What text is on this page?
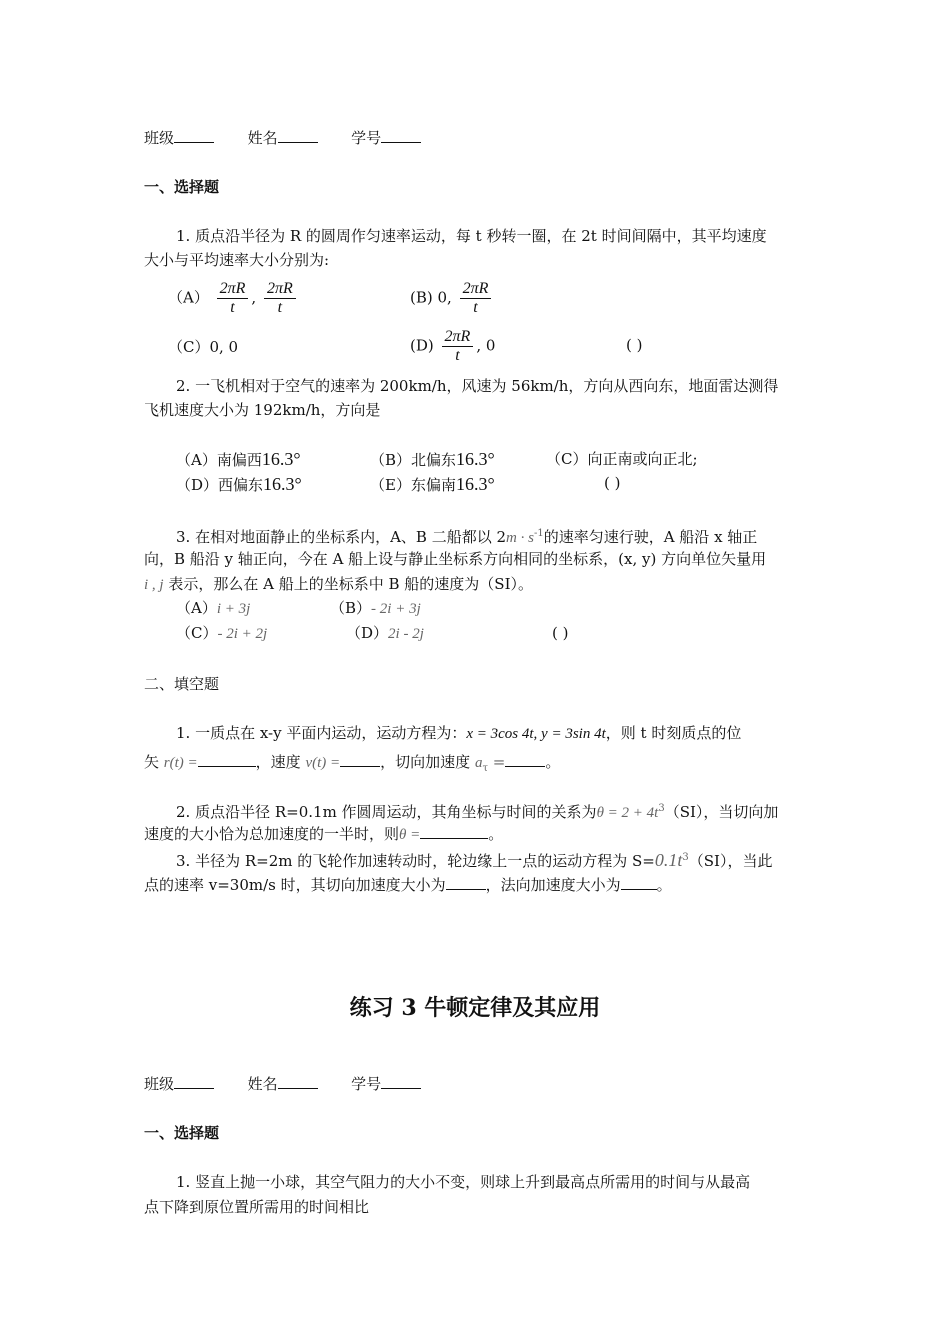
班级	姓名	学号
一、选择题
1. 质点沿半径为 R 的圆周作匀速率运动，每 t 秒转一圈，在 2t 时间间隔中，其平均速度
大小与平均速率大小分别为:
$(A) \frac{2\pi R}{t}$ , $\frac{2\pi R}{t}$	(B) 0, $\frac{2\pi R}{t}$
（C）0, 0	$(D) \frac{2\pi R}{t}$ , 0	( )
2. 一飞机相对于空气的速率为 200km/h，风速为 56km/h，方向从西向东，地面雷达测得
飞机速度大小为 192km/h，方向是
（A）南偏西16.3°	（B）北偏东16.3°	（C）向正南或向正北;
（D）西偏东16.3°	（E）东偏南16.3°	( )
3. 在相对地面静止的坐标系内，A、B 二船都以 $2m \cdot s^{-1}$的速率匀速行驶，A 船沿 x 轴正
向，B 船沿 y 轴正向，今在 A 船上设与静止坐标系方向相同的坐标系，(x, y) 方向单位矢量用
i , j 表示，那么在 A 船上的坐标系中 B 船的速度为（SI）。
（A）i + 3j	（B）- 2i + 3j
（C）- 2i + 2j	（D）2i - 2j	( )
二、填空题
1. 一质点在 x-y 平面内运动，运动方程为：x = 3cos 4t, y = 3sin 4t，则 t 时刻质点的位
矢 r(t) =	，速度 v(t) =	，切向加速度 $a_\tau$ =	。
2. 质点沿半径 R=0.1m 作圆周运动，其角坐标与时间的关系为$\theta = 2 + 4t^3(SI)$，当切向加
速度的大小恰为总加速度的一半时，则θ =	。
3. 半径为 R=2m 的飞轮作加速转动时，轮边缘上一点的运动方程为 $S=0.1t^3(SI)$，当此
点的速率 v=30m/s 时，其切向加速度大小为	，法向加速度大小为 。
练习 3 牛顿定律及其应用
班级	姓名	学号
一、选择题
1. 竖直上抛一小球，其空气阻力的大小不变，则球上升到最高点所需用的时间与从最高
点下降到原位置所需用的时间相比
